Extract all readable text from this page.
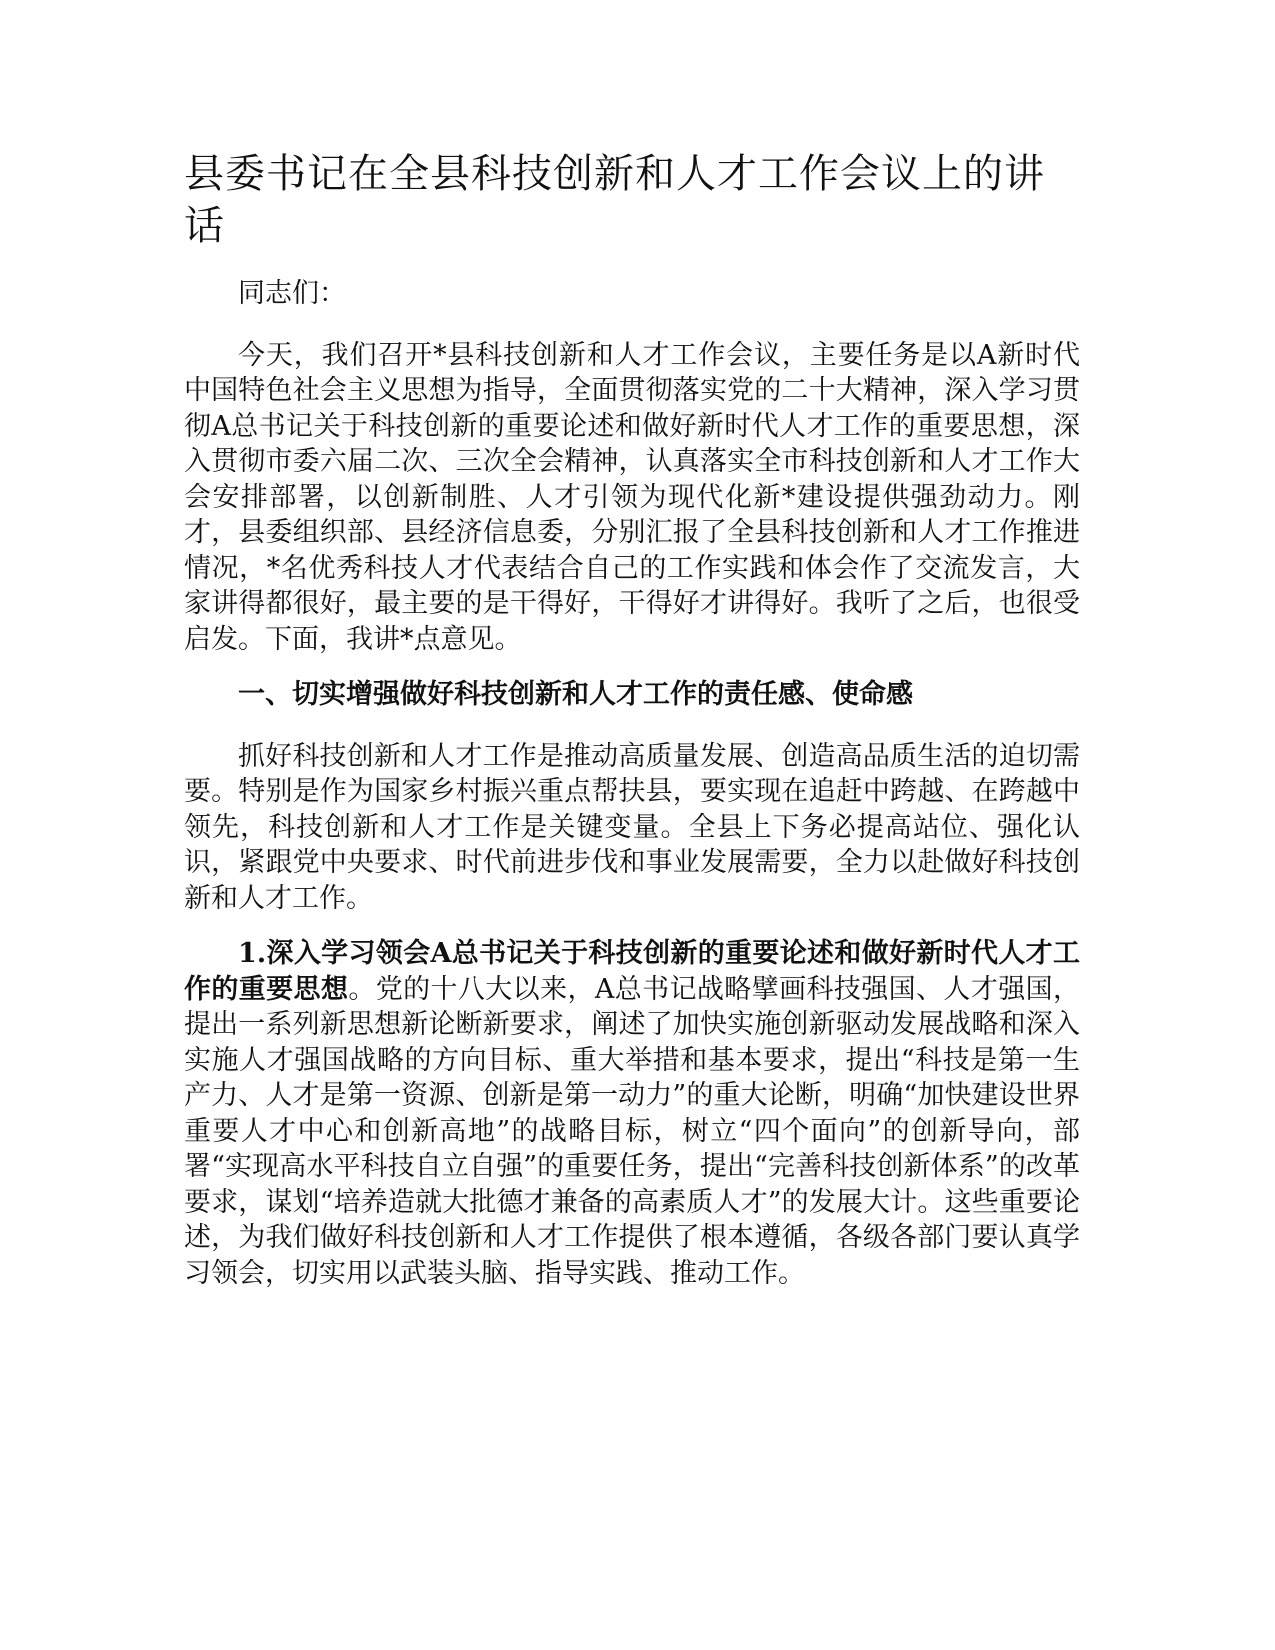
县委书记在全县科技创新和人才工作会议上的讲话

同志们：

今天，我们召开*县科技创新和人才工作会议，主要任务是以A新时代中国特色社会主义思想为指导，全面贯彻落实党的二十大精神，深入学习贯彻A总书记关于科技创新的重要论述和做好新时代人才工作的重要思想，深入贯彻市委六届二次、三次全会精神，认真落实全市科技创新和人才工作大会安排部署，以创新制胜、人才引领为现代化新*建设提供强劲动力。刚才，县委组织部、县经济信息委，分别汇报了全县科技创新和人才工作推进情况，*名优秀科技人才代表结合自己的工作实践和体会作了交流发言，大家讲得都很好，最主要的是干得好，干得好才讲得好。我听了之后，也很受启发。下面，我讲*点意见。

一、切实增强做好科技创新和人才工作的责任感、使命感

抓好科技创新和人才工作是推动高质量发展、创造高品质生活的迫切需要。特别是作为国家乡村振兴重点帮扶县，要实现在追赶中跨越、在跨越中领先，科技创新和人才工作是关键变量。全县上下务必提高站位、强化认识，紧跟党中央要求、时代前进步伐和事业发展需要，全力以赴做好科技创新和人才工作。

1.深入学习领会A总书记关于科技创新的重要论述和做好新时代人才工作的重要思想。党的十八大以来，A总书记战略擘画科技强国、人才强国，提出一系列新思想新论断新要求，阐述了加快实施创新驱动发展战略和深入实施人才强国战略的方向目标、重大举措和基本要求，提出“科技是第一生产力、人才是第一资源、创新是第一动力”的重大论断，明确“加快建设世界重要人才中心和创新高地”的战略目标，树立“四个面向”的创新导向，部署“实现高水平科技自立自强”的重要任务，提出“完善科技创新体系”的改革要求，谋划“培养造就大批德才兼备的高素质人才”的发展大计。这些重要论述，为我们做好科技创新和人才工作提供了根本遵循，各级各部门要认真学习领会，切实用以武装头脑、指导实践、推动工作。
